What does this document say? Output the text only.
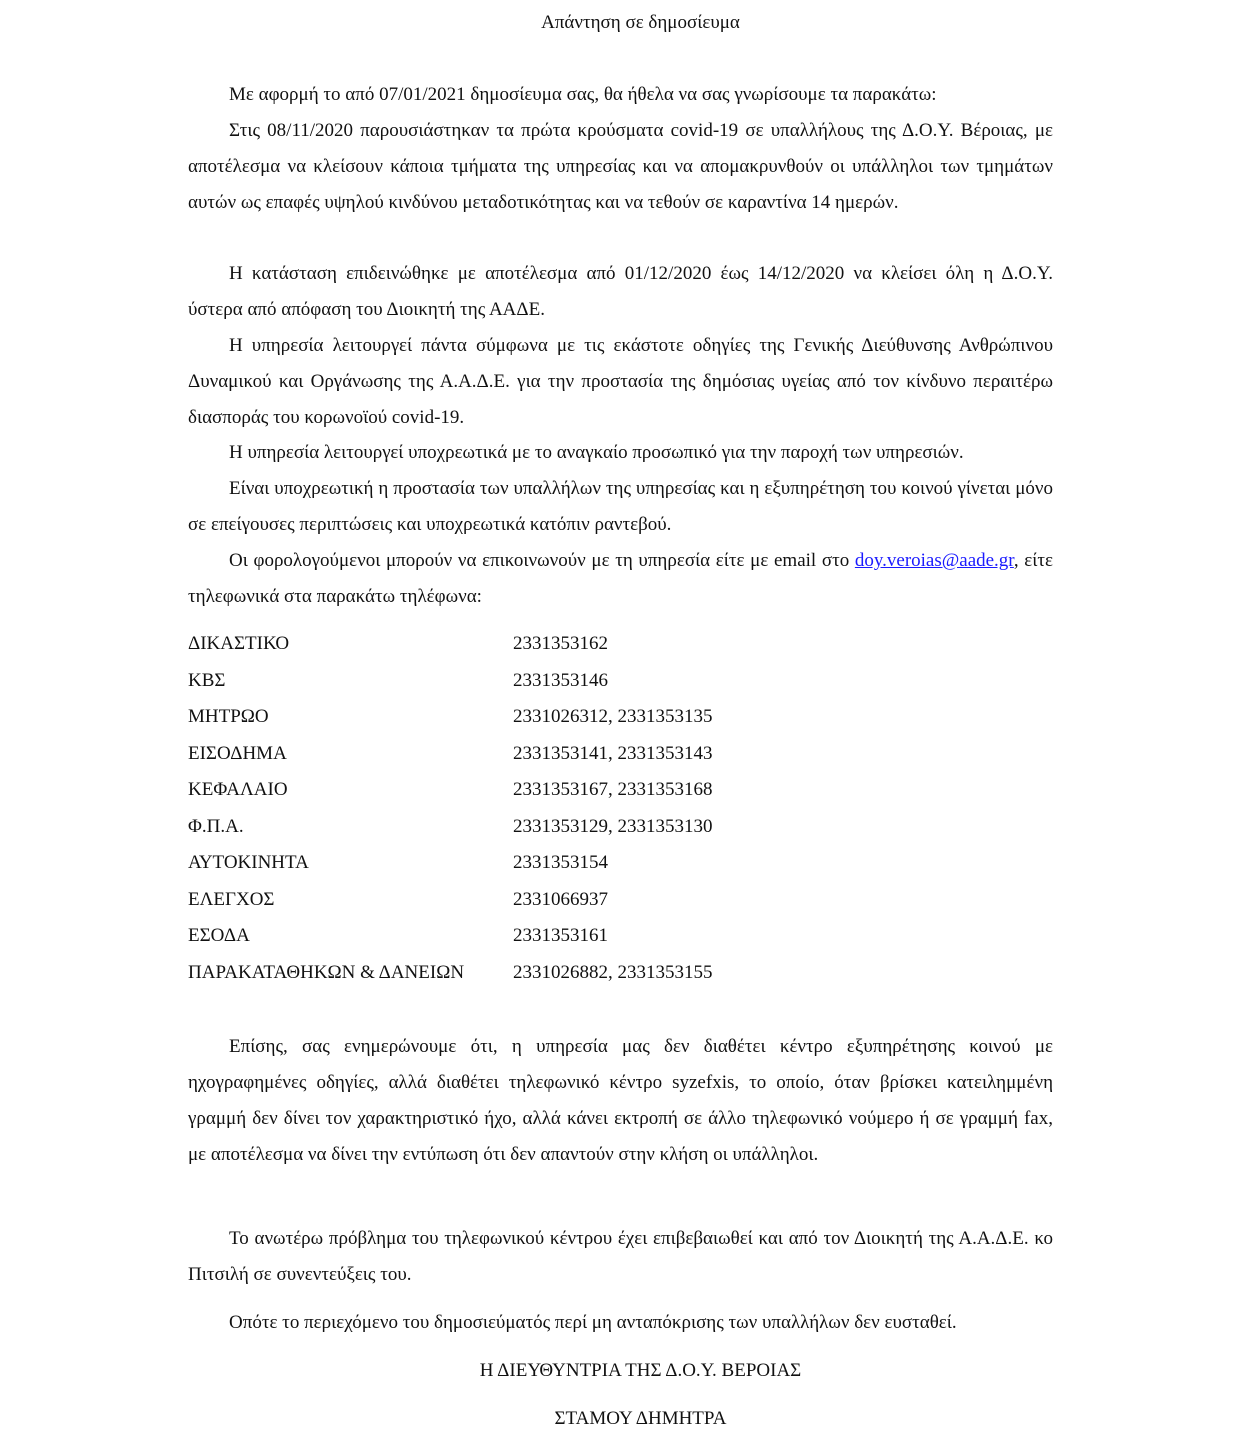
Απάντηση σε δημοσίευμα

Με αφορμή το από 07/01/2021 δημοσίευμα σας, θα ήθελα να σας γνωρίσουμε τα παρακάτω:

Στις 08/11/2020 παρουσιάστηκαν τα πρώτα κρούσματα covid-19 σε υπαλλήλους της Δ.Ο.Υ. Βέροιας, με αποτέλεσμα να κλείσουν κάποια τμήματα της υπηρεσίας και να απομακρυνθούν οι υπάλληλοι των τμημάτων αυτών ως επαφές υψηλού κινδύνου μεταδοτικότητας και να τεθούν σε καραντίνα 14 ημερών.

Η κατάσταση επιδεινώθηκε με αποτέλεσμα από 01/12/2020 έως 14/12/2020 να κλείσει όλη η Δ.Ο.Υ. ύστερα από απόφαση του Διοικητή της ΑΑΔΕ.

Η υπηρεσία λειτουργεί πάντα σύμφωνα με τις εκάστοτε οδηγίες της Γενικής Διεύθυνσης Ανθρώπινου Δυναμικού και Οργάνωσης της Α.Α.Δ.Ε. για την προστασία της δημόσιας υγείας από τον κίνδυνο περαιτέρω διασποράς του κορωνοϊού covid-19.

Η υπηρεσία λειτουργεί υποχρεωτικά με το αναγκαίο προσωπικό για την παροχή των υπηρεσιών.

Είναι υποχρεωτική η προστασία των υπαλλήλων της υπηρεσίας και η εξυπηρέτηση του κοινού γίνεται μόνο σε επείγουσες περιπτώσεις και υποχρεωτικά κατόπιν ραντεβού.

Οι φορολογούμενοι μπορούν να επικοινωνούν με τη υπηρεσία είτε με email στο doy.veroias@aade.gr, είτε τηλεφωνικά στα παρακάτω τηλέφωνα:

ΔΙΚΑΣΤΙΚΟ	2331353162
ΚΒΣ	2331353146
ΜΗΤΡΩΟ	2331026312, 2331353135
ΕΙΣΟΔΗΜΑ	2331353141, 2331353143
ΚΕΦΑΛΑΙΟ	2331353167, 2331353168
Φ.Π.Α.	2331353129, 2331353130
ΑΥΤΟΚΙΝΗΤΑ	2331353154
ΕΛΕΓΧΟΣ	2331066937
ΕΣΟΔΑ	2331353161
ΠΑΡΑΚΑΤΑΘΗΚΩΝ & ΔΑΝΕΙΩΝ	2331026882, 2331353155

Επίσης, σας ενημερώνουμε ότι, η υπηρεσία μας δεν διαθέτει κέντρο εξυπηρέτησης κοινού με ηχογραφημένες οδηγίες, αλλά διαθέτει τηλεφωνικό κέντρο syzefxis, το οποίο, όταν βρίσκει κατειλημμένη γραμμή δεν δίνει τον χαρακτηριστικό ήχο, αλλά κάνει εκτροπή σε άλλο τηλεφωνικό νούμερο ή σε γραμμή fax, με αποτέλεσμα να δίνει την εντύπωση ότι δεν απαντούν στην κλήση οι υπάλληλοι.

Το ανωτέρω πρόβλημα του τηλεφωνικού κέντρου έχει επιβεβαιωθεί και από τον Διοικητή της Α.Α.Δ.Ε. κο Πιτσιλή σε συνεντεύξεις του.

Οπότε το περιεχόμενο του δημοσιεύματός περί μη ανταπόκρισης των υπαλλήλων δεν ευσταθεί.

Η ΔΙΕΥΘΥΝΤΡΙΑ ΤΗΣ Δ.Ο.Υ. ΒΕΡΟΙΑΣ
ΣΤΑΜΟΥ ΔΗΜΗΤΡΑ
